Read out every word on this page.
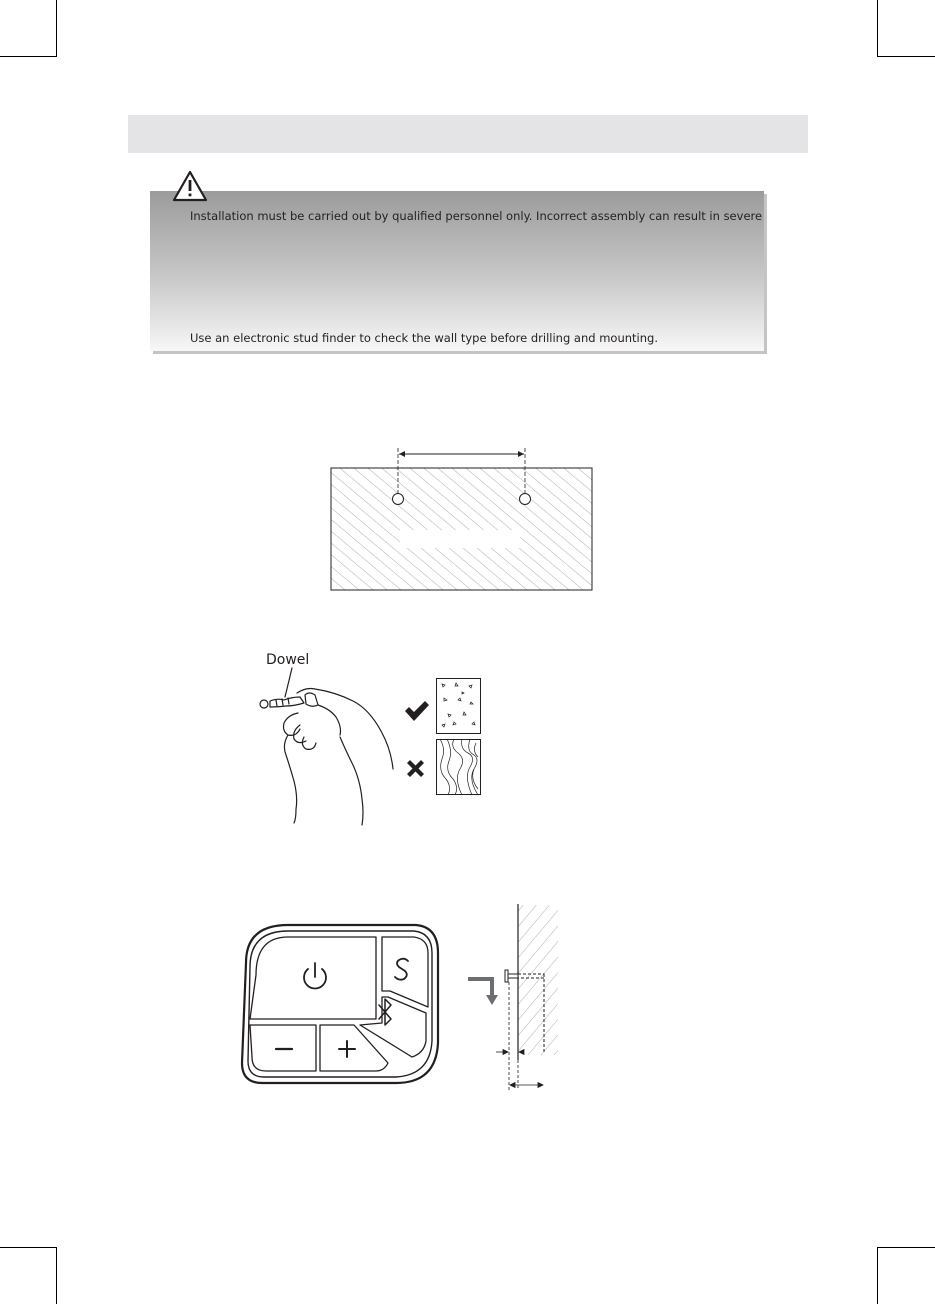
Installation must be carried out by qualified personnel only. Incorrect assembly can result in severe
Use an electronic stud finder to check the wall type before drilling and mounting.
Dowel
